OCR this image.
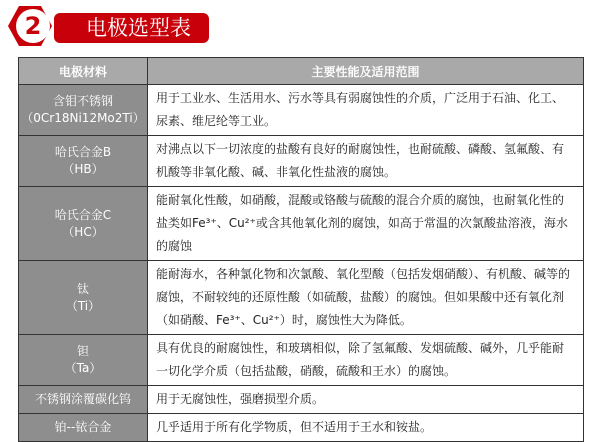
2	电极选型表
电极材料	主要性能及适用范围

含钼不锈钢
（0Cr18Ni12Mo2Ti）	用于工业水、生活用水、污水等具有弱腐蚀性的介质，广泛用于石油、化工、尿素、维尼纶等工业。

哈氏合金B
（HB）	对沸点以下一切浓度的盐酸有良好的耐腐蚀性，也耐硫酸、磷酸、氢氟酸、有机酸等非氧化酸、碱、非氧化性盐液的腐蚀。

哈氏合金C
（HC）	能耐氧化性酸，如硝酸，混酸或铬酸与硫酸的混合介质的腐蚀，也耐氧化性的盐类如Fe³⁺、Cu²⁺或含其他氧化剂的腐蚀，如高于常温的次氯酸盐溶液，海水的腐蚀

钛
（Ti）	能耐海水，各种氯化物和次氯酸、氧化型酸（包括发烟硝酸）、有机酸、碱等的腐蚀，不耐较纯的还原性酸（如硫酸，盐酸）的腐蚀。但如果酸中还有氧化剂（如硝酸、Fe³⁺、Cu²⁺）时，腐蚀性大为降低。

钽
（Ta）	具有优良的耐腐蚀性，和玻璃相似，除了氢氟酸、发烟硫酸、碱外，几乎能耐一切化学介质（包括盐酸，硝酸，硫酸和王水）的腐蚀。

不锈钢涂覆碳化钨	用于无腐蚀性，强磨损型介质。

铂--铱合金	几乎适用于所有化学物质，但不适用于王水和铵盐。
